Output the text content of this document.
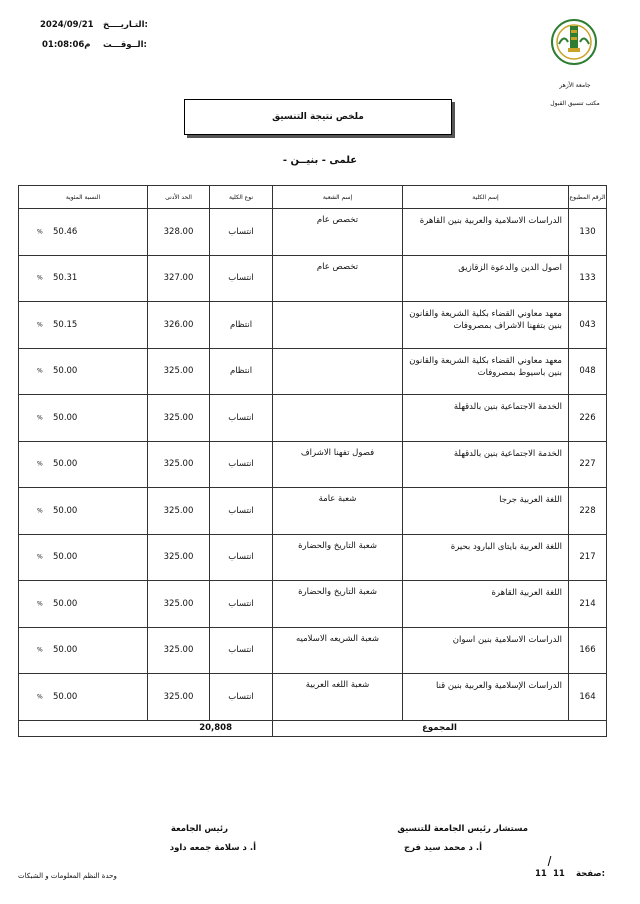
التـاريــــخ:
2024/09/21
الــوقـــت:
01:08:06م
جامعة الأزهر
مكتب تنسيق القبول
ملخص نتيجة التنسيق
- علمى - بنيــن
الرقم المطبوع	إسم الكلية	إسم الشعبة	نوع الكلية	الحد الأدنى	النسبة المئوية
130	الدراسات الاسلامية والعربية بنين القاهرة	تخصص عام	انتساب	328.00	50.46
%

133	اصول الدين والدعوة الزقازيق	تخصص عام	انتساب	327.00	50.31
%

043	معهد معاوني القضاء بكلية الشريعة والقانون بنين بتفهنا الاشراف بمصروفات		انتظام	326.00	50.15
%

048	معهد معاوني القضاء بكلية الشريعة والقانون بنين باسيوط بمصروفات		انتظام	325.00	50.00
%

226	الخدمة الاجتماعية بنين بالدقهلة		انتساب	325.00	50.00
%

227	الخدمة الاجتماعية بنين بالدقهلة	فصول تفهنا الاشراف	انتساب	325.00	50.00
%

228	اللغة العربية جرجا	شعبة عامة	انتساب	325.00	50.00
%

217	اللغة العربية بايتاى البارود بحيرة	شعبة التاريخ والحضارة	انتساب	325.00	50.00
%

214	اللغة العربية القاهرة	شعبة التاريخ والحضارة	انتساب	325.00	50.00
%

166	الدراسات الاسلامية بنين اسوان	شعبة الشريعه الاسلاميه	انتساب	325.00	50.00
%

164	الدراسات الإسلامية والعربية بنين قنا	شعبة اللغه العربية	انتساب	325.00	50.00
%

المجموع			20,808		
مستشار رئيس الجامعة للتنسيق
أ. د محمد سيد فرج
رئيس الجامعة
أ. د سلامة جمعه داود
صفحة:
11
11
وحدة النظم المعلومات و الشبكات
